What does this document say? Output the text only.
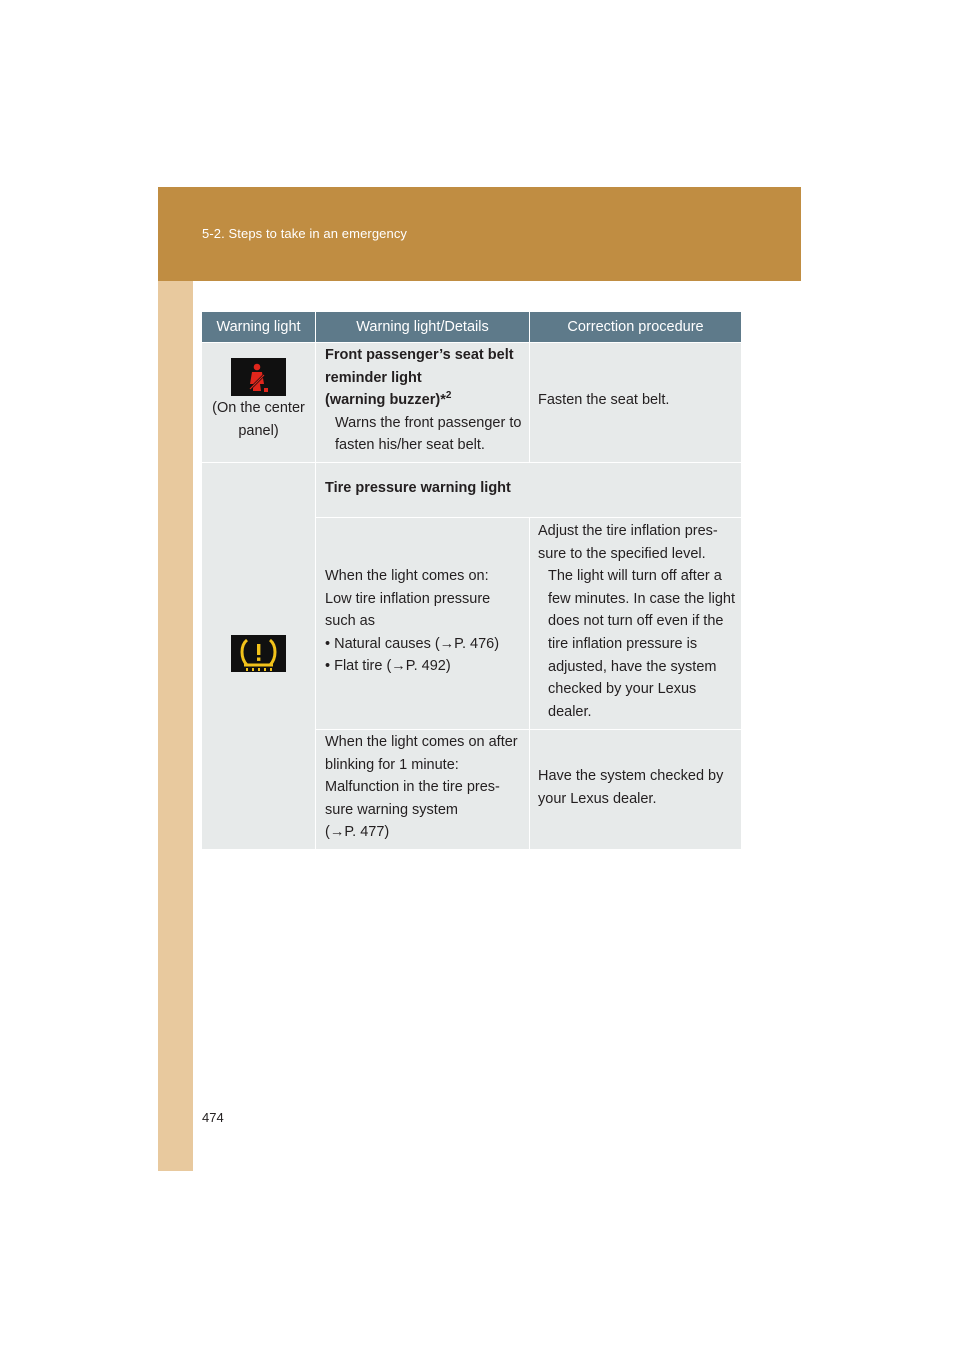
5-2. Steps to take in an emergency
Warning light	Warning light/Details	Correction procedure
(On the center
panel)
Front passenger’s seat belt
reminder light
(warning buzzer)*$^2$
Warns the front passenger to
fasten his/her seat belt.
Fasten the seat belt.
Tire pressure warning light
When the light comes on:
Low tire inflation pressure
such as
• Natural causes (→P. 476)
• Flat tire (→P. 492)
Adjust the tire inflation pres-
sure to the specified level.
The light will turn off after a
few minutes. In case the light
does not turn off even if the
tire inflation pressure is
adjusted, have the system
checked by your Lexus
dealer.
When the light comes on after
blinking for 1 minute:
Malfunction in the tire pres-
sure warning system
(→P. 477)
Have the system checked by
your Lexus dealer.
474
